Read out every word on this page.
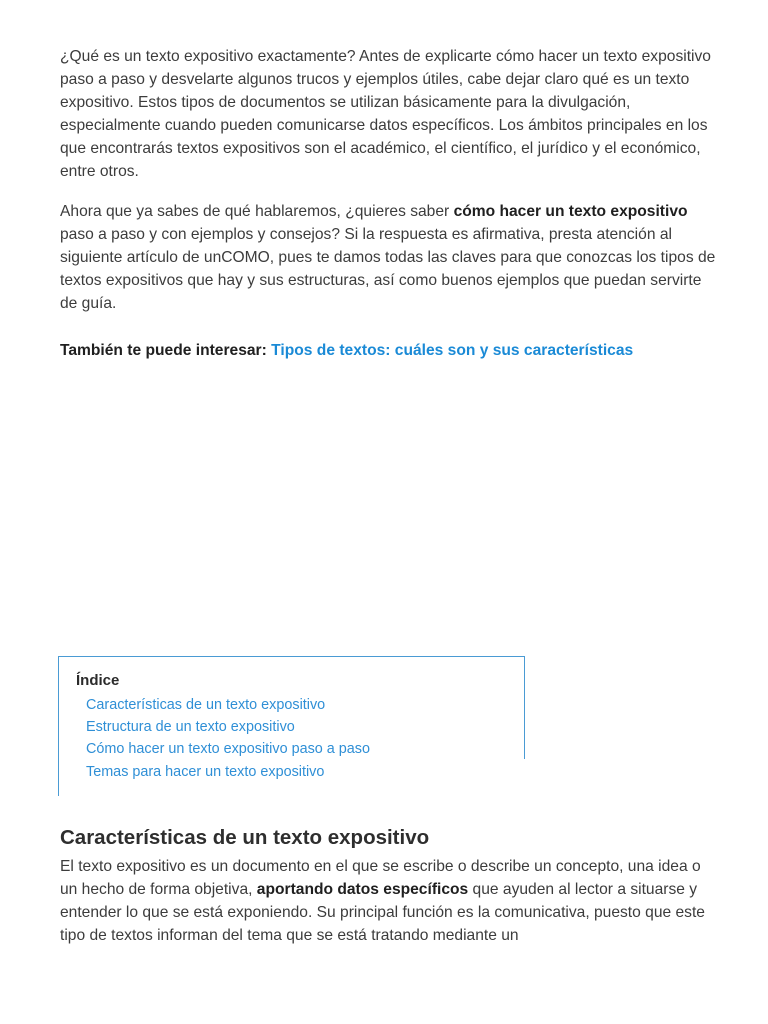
¿Qué es un texto expositivo exactamente? Antes de explicarte cómo hacer un texto expositivo paso a paso y desvelarte algunos trucos y ejemplos útiles, cabe dejar claro qué es un texto expositivo. Estos tipos de documentos se utilizan básicamente para la divulgación, especialmente cuando pueden comunicarse datos específicos. Los ámbitos principales en los que encontrarás textos expositivos son el académico, el científico, el jurídico y el económico, entre otros.

Ahora que ya sabes de qué hablaremos, ¿quieres saber cómo hacer un texto expositivo paso a paso y con ejemplos y consejos? Si la respuesta es afirmativa, presta atención al siguiente artículo de unCOMO, pues te damos todas las claves para que conozcas los tipos de textos expositivos que hay y sus estructuras, así como buenos ejemplos que puedan servirte de guía.

También te puede interesar: Tipos de textos: cuáles son y sus características

Índice
Características de un texto expositivo
Estructura de un texto expositivo
Cómo hacer un texto expositivo paso a paso
Temas para hacer un texto expositivo
Características de un texto expositivo

El texto expositivo es un documento en el que se escribe o describe un concepto, una idea o un hecho de forma objetiva, aportando datos específicos que ayuden al lector a situarse y entender lo que se está exponiendo. Su principal función es la comunicativa, puesto que este tipo de textos informan del tema que se está tratando mediante un
